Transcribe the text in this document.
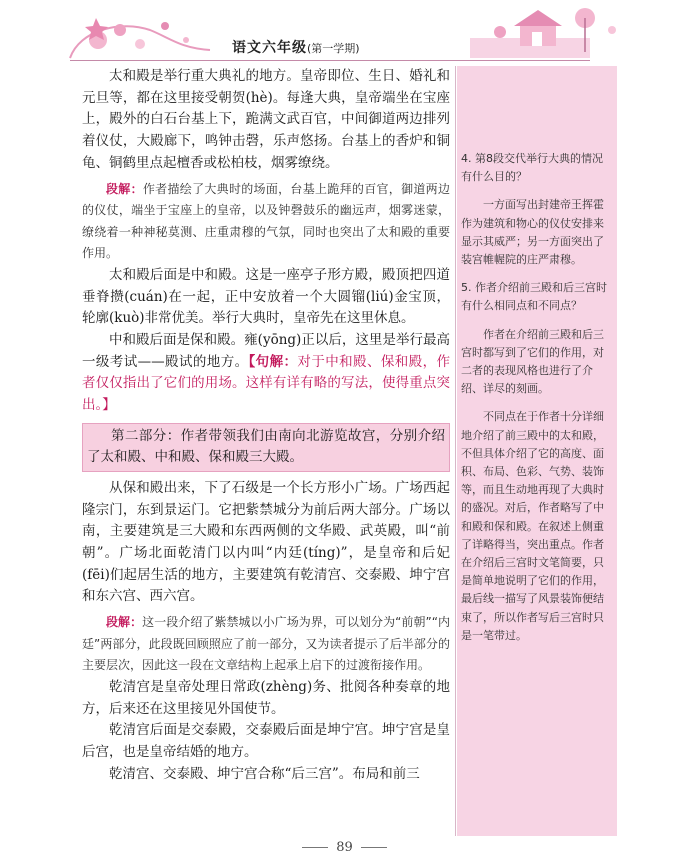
语文六年级(第一学期)

太和殿是举行重大典礼的地方。皇帝即位、生日、婚礼和元旦等，都在这里接受朝贺(hè)。每逢大典，皇帝端坐在宝座上，殿外的白石台基上下，跪满文武百官，中间御道两边排列着仪仗，大殿廊下，鸣钟击磬，乐声悠扬。台基上的香炉和铜龟、铜鹤里点起檀香或松柏枝，烟雾缭绕。

段解：作者描绘了大典时的场面，台基上跪拜的百官，御道两边的仪仗，端坐于宝座上的皇帝，以及钟磬鼓乐的幽远声，烟雾迷蒙，缭绕着一种神秘莫测、庄重肃穆的气氛，同时也突出了太和殿的重要作用。

太和殿后面是中和殿。这是一座亭子形方殿，殿顶把四道垂脊攒(cuán)在一起，正中安放着一个大圆镏(liú)金宝顶，轮廓(kuò)非常优美。举行大典时，皇帝先在这里休息。

中和殿后面是保和殿。雍(yōng)正以后，这里是举行最高一级考试——殿试的地方。【句解：对于中和殿、保和殿，作者仅仅指出了它们的用场。这样有详有略的写法，使得重点突出。】

第二部分：作者带领我们由南向北游览故宫，分别介绍了太和殿、中和殿、保和殿三大殿。

从保和殿出来，下了石级是一个长方形小广场。广场西起隆宗门，东到景运门。它把紫禁城分为前后两大部分。广场以南，主要建筑是三大殿和东西两侧的文华殿、武英殿，叫“前朝”。广场北面乾清门以内叫“内廷(tíng)”，是皇帝和后妃(fēi)们起居生活的地方，主要建筑有乾清宫、交泰殿、坤宁宫和东六宫、西六宫。

段解：这一段介绍了紫禁城以小广场为界，可以划分为“前朝”“内廷”两部分，此段既回顾照应了前一部分，又为读者提示了后半部分的主要层次，因此这一段在文章结构上起承上启下的过渡衔接作用。

乾清宫是皇帝处理日常政(zhèng)务、批阅各种奏章的地方，后来还在这里接见外国使节。

乾清宫后面是交泰殿，交泰殿后面是坤宁宫。坤宁宫是皇后宫，也是皇帝结婚的地方。

乾清宫、交泰殿、坤宁宫合称“后三宫”。布局和前三

4. 第8段交代举行大典的情况有什么目的？

一方面写出封建帝王挥霍作为建筑和物心的仪仗安排来显示其威严；另一方面突出了装宫帷幄院的庄严肃穆。

5. 作者介绍前三殿和后三宫时有什么相同点和不同点？

作者在介绍前三殿和后三宫时都写到了它们的作用，对二者的表现风格也进行了介绍、详尽的刻画。

不同点在于作者十分详细地介绍了前三殿中的太和殿，不但具体介绍了它的高度、面积、布局、色彩、气势、装饰等，而且生动地再现了大典时的盛况。对后，作者略写了中和殿和保和殿。在叙述上侧重了详略得当，突出重点。作者在介绍后三宫时文笔简要，只是简单地说明了它们的作用，最后线一描写了风景装饰便结束了，所以作者写后三宫时只是一笔带过。

89
